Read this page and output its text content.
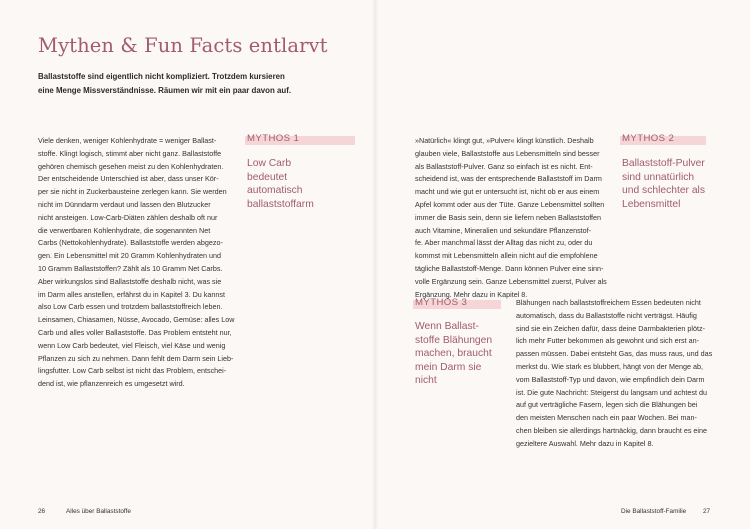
Mythen & Fun Facts entlarvt
Ballaststoffe sind eigentlich nicht kompliziert. Trotzdem kursieren
eine Menge Missverständnisse. Räumen wir mit ein paar davon auf.
Viele denken, weniger Kohlenhydrate = weniger Ballast-
stoffe. Klingt logisch, stimmt aber nicht ganz. Ballaststoffe
gehören chemisch gesehen meist zu den Kohlenhydraten.
Der entscheidende Unterschied ist aber, dass unser Kör-
per sie nicht in Zuckerbausteine zerlegen kann. Sie werden
nicht im Dünndarm verdaut und lassen den Blutzucker
nicht ansteigen. Low-Carb-Diäten zählen deshalb oft nur
die verwertbaren Kohlenhydrate, die sogenannten Net
Carbs (Nettokohlenhydrate). Ballaststoffe werden abgezo-
gen. Ein Lebensmittel mit 20 Gramm Kohlenhydraten und
10 Gramm Ballaststoffen? Zählt als 10 Gramm Net Carbs.
Aber wirkungslos sind Ballaststoffe deshalb nicht, was sie
im Darm alles anstellen, erfährst du in Kapitel 3. Du kannst
also Low Carb essen und trotzdem ballaststoffreich leben.
Leinsamen, Chiasamen, Nüsse, Avocado, Gemüse: alles Low
Carb und alles voller Ballaststoffe. Das Problem entsteht nur,
wenn Low Carb bedeutet, viel Fleisch, viel Käse und wenig
Pflanzen zu sich zu nehmen. Dann fehlt dem Darm sein Lieb-
lingsfutter. Low Carb selbst ist nicht das Problem, entschei-
dend ist, wie pflanzenreich es umgesetzt wird.
MYTHOS 1
Low Carb
bedeutet
automatisch
ballaststoffarm
»Natürlich« klingt gut, »Pulver« klingt künstlich. Deshalb
glauben viele, Ballaststoffe aus Lebensmitteln sind besser
als Ballaststoff-Pulver. Ganz so einfach ist es nicht. Ent-
scheidend ist, was der entsprechende Ballaststoff im Darm
macht und wie gut er untersucht ist, nicht ob er aus einem
Apfel kommt oder aus der Tüte. Ganze Lebensmittel sollten
immer die Basis sein, denn sie liefern neben Ballaststoffen
auch Vitamine, Mineralien und sekundäre Pflanzenstof-
fe. Aber manchmal lässt der Alltag das nicht zu, oder du
kommst mit Lebensmitteln allein nicht auf die empfohlene
tägliche Ballaststoff-Menge. Dann können Pulver eine sinn-
volle Ergänzung sein. Ganze Lebensmittel zuerst, Pulver als
Ergänzung. Mehr dazu in Kapitel 8.
MYTHOS 2
Ballaststoff-Pulver
sind unnatürlich
und schlechter als
Lebensmittel
MYTHOS 3
Wenn Ballast-
stoffe Blähungen
machen, braucht
mein Darm sie
nicht
Blähungen nach ballaststoffreichem Essen bedeuten nicht
automatisch, dass du Ballaststoffe nicht verträgst. Häufig
sind sie ein Zeichen dafür, dass deine Darmbakterien plötz-
lich mehr Futter bekommen als gewohnt und sich erst an-
passen müssen. Dabei entsteht Gas, das muss raus, und das
merkst du. Wie stark es blubbert, hängt von der Menge ab,
vom Ballaststoff-Typ und davon, wie empfindlich dein Darm
ist. Die gute Nachricht: Steigerst du langsam und achtest du
auf gut verträgliche Fasern, legen sich die Blähungen bei
den meisten Menschen nach ein paar Wochen. Bei man-
chen bleiben sie allerdings hartnäckig, dann braucht es eine
gezieltere Auswahl. Mehr dazu in Kapitel 8.
26	Alles über Ballaststoffe	Die Ballaststoff-Familie	27
